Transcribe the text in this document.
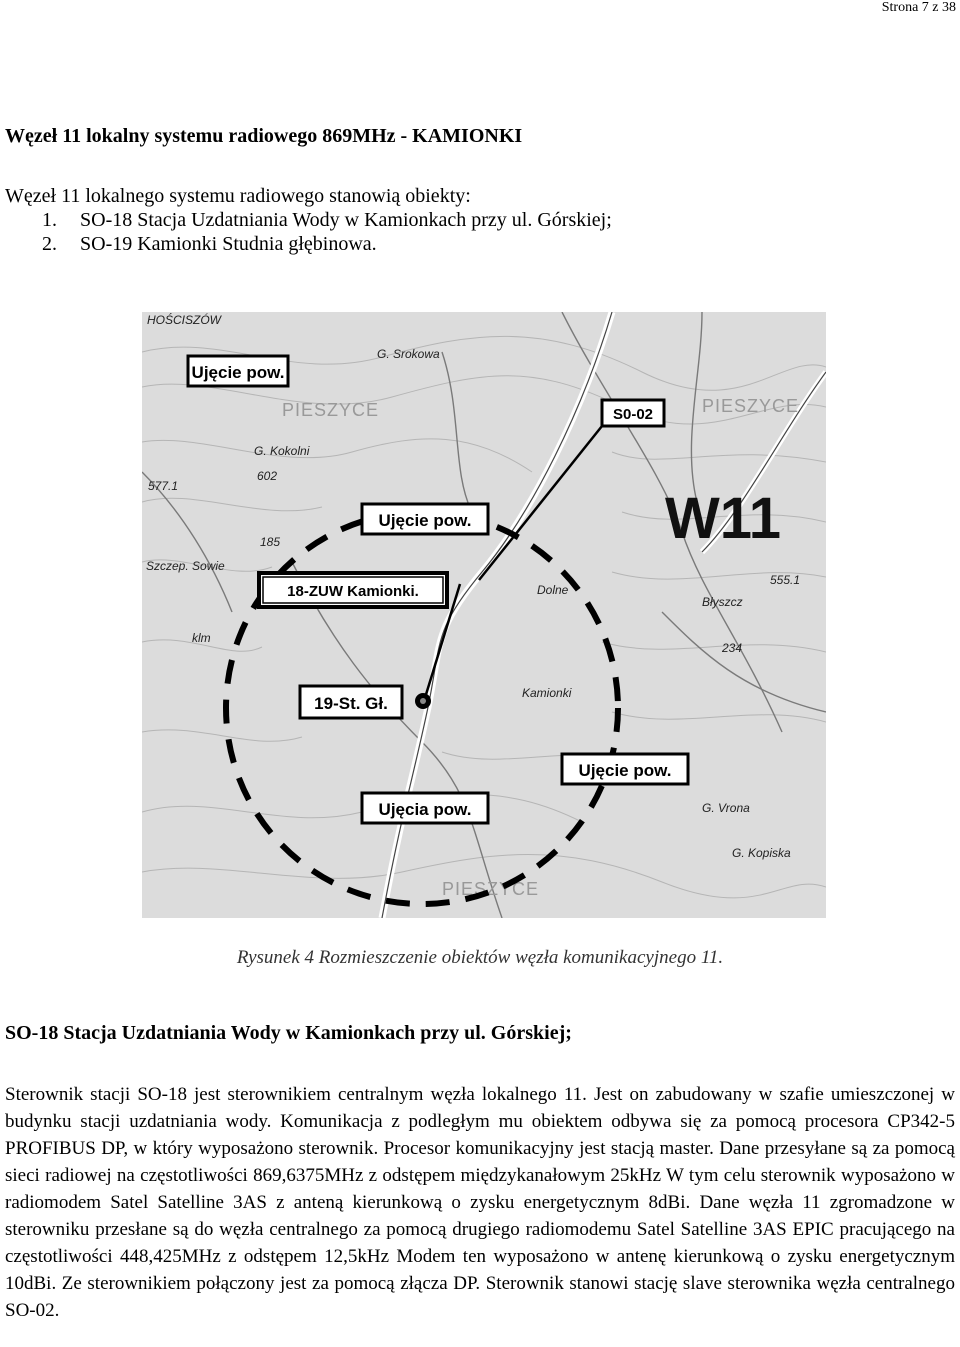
Strona 7 z 38
Węzeł 11 lokalny systemu radiowego 869MHz - KAMIONKI
Węzeł 11 lokalnego systemu radiowego stanowią obiekty:
1. SO-18 Stacja Uzdatniania Wody w Kamionkach przy ul. Górskiej;
2. SO-19 Kamionki Studnia głębinowa.
HOŚCISZÓW
G. Srokowa
PIESZYCE	PIESZYCE
G. Kokolni
602
577.1
185
Szczep. Sowie
klm
Dolne
555.1
Błyszcz
234
Kamionki
G. Vrona
G. Kopiska
PIESZYCE
Ujęcie pow.
Ujęcie pow.
Ujęcie pow.
Ujęcia pow.
S0-02
18-ZUW Kamionki.
19-St. Gł.
W11
Rysunek 4 Rozmieszczenie obiektów węzła komunikacyjnego 11.
SO-18 Stacja Uzdatniania Wody w Kamionkach przy ul. Górskiej;
Sterownik stacji SO-18 jest sterownikiem centralnym węzła lokalnego 11. Jest on zabudowany w szafie umieszczonej w budynku stacji uzdatniania wody. Komunikacja z podległym mu obiektem odbywa się za pomocą procesora CP342-5 PROFIBUS DP, w który wyposażono sterownik. Procesor komunikacyjny jest stacją master. Dane przesyłane są za pomocą sieci radiowej na częstotliwości 869,6375MHz z odstępem międzykanałowym 25kHz W tym celu sterownik wyposażono w radiomodem Satel Satelline 3AS z anteną kierunkową o zysku energetycznym 8dBi. Dane węzła 11 zgromadzone w sterowniku przesłane są do węzła centralnego za pomocą drugiego radiomodemu Satel Satelline 3AS EPIC pracującego na częstotliwości 448,425MHz z odstępem 12,5kHz Modem ten wyposażono w antenę kierunkową o zysku energetycznym 10dBi. Ze sterownikiem połączony jest za pomocą złącza DP. Sterownik stanowi stację slave sterownika węzła centralnego SO-02.
